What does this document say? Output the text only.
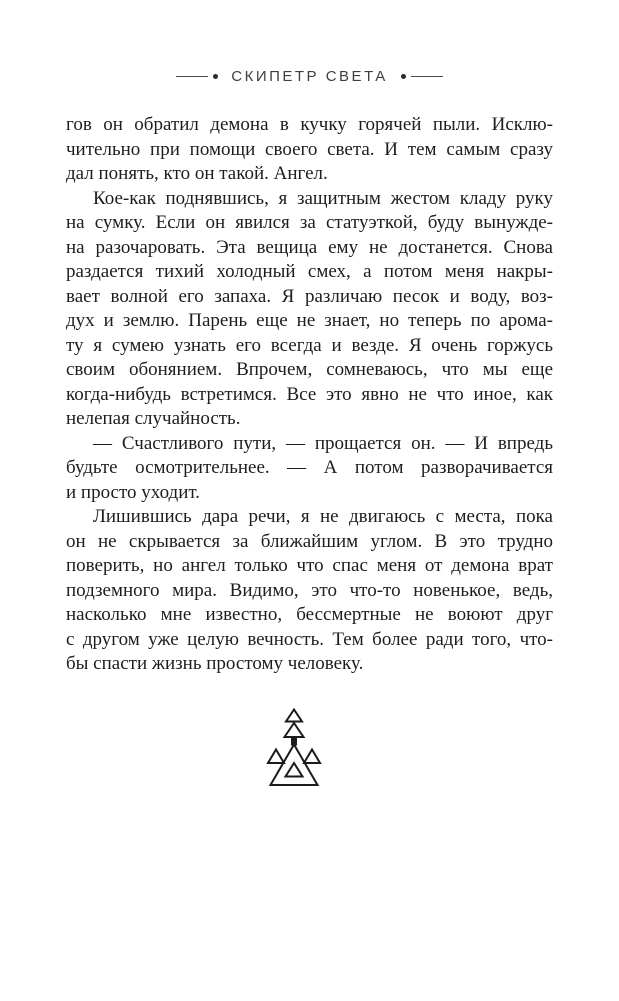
СКИПЕТР СВЕТА
гов он обратил демона в кучку горячей пыли. Исклю-
чительно при помощи своего света. И тем самым сразу
дал понять, кто он такой. Ангел.
Кое-как поднявшись, я защитным жестом кладу руку
на сумку. Если он явился за статуэткой, буду вынужде-
на разочаровать. Эта вещица ему не достанется. Снова
раздается тихий холодный смех, а потом меня накры-
вает волной его запаха. Я различаю песок и воду, воз-
дух и землю. Парень еще не знает, но теперь по арома-
ту я сумею узнать его всегда и везде. Я очень горжусь
своим обонянием. Впрочем, сомневаюсь, что мы еще
когда-нибудь встретимся. Все это явно не что иное, как
нелепая случайность.
— Счастливого пути, — прощается он. — И впредь
будьте осмотрительнее. — А потом разворачивается
и просто уходит.
Лишившись дара речи, я не двигаюсь с места, пока
он не скрывается за ближайшим углом. В это трудно
поверить, но ангел только что спас меня от демона врат
подземного мира. Видимо, это что-то новенькое, ведь,
насколько мне известно, бессмертные не воюют друг
с другом уже целую вечность. Тем более ради того, что-
бы спасти жизнь простому человеку.
